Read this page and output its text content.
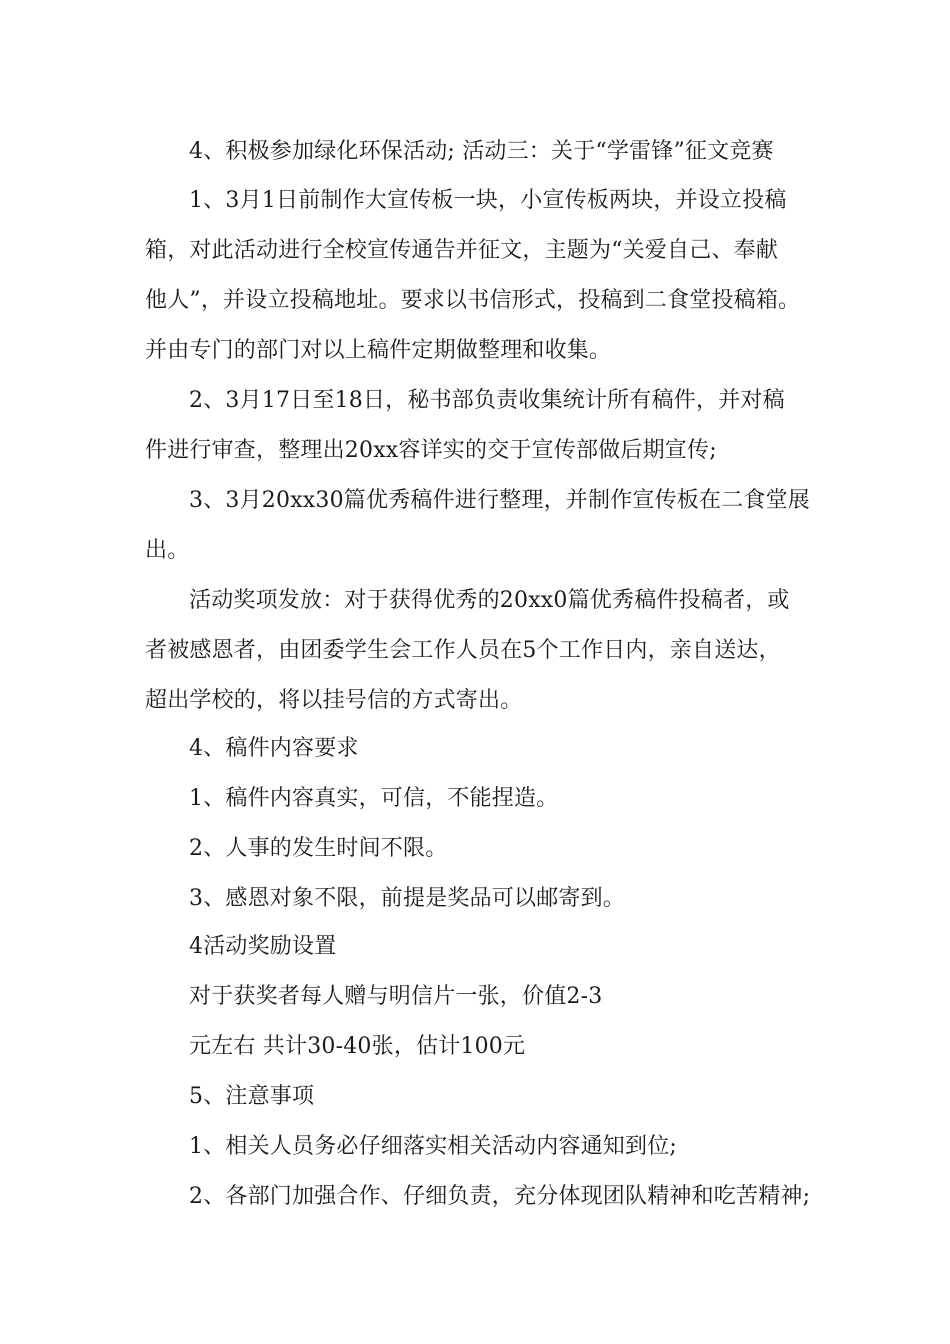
4、积极参加绿化环保活动; 活动三：关于“学雷锋”征文竞赛
1、3月1日前制作大宣传板一块，小宣传板两块，并设立投稿
箱，对此活动进行全校宣传通告并征文，主题为“关爱自己、奉献
他人”，并设立投稿地址。要求以书信形式，投稿到二食堂投稿箱。
并由专门的部门对以上稿件定期做整理和收集。
2、3月17日至18日，秘书部负责收集统计所有稿件，并对稿
件进行审查，整理出20xx容详实的交于宣传部做后期宣传;
3、3月20xx30篇优秀稿件进行整理，并制作宣传板在二食堂展
出。
活动奖项发放：对于获得优秀的20xx0篇优秀稿件投稿者，或
者被感恩者，由团委学生会工作人员在5个工作日内，亲自送达，
超出学校的，将以挂号信的方式寄出。
4、稿件内容要求
1、稿件内容真实，可信，不能捏造。
2、人事的发生时间不限。
3、感恩对象不限，前提是奖品可以邮寄到。
4活动奖励设置
对于获奖者每人赠与明信片一张，价值2-3
元左右 共计30-40张，估计100元
5、注意事项
1、相关人员务必仔细落实相关活动内容通知到位;
2、各部门加强合作、仔细负责，充分体现团队精神和吃苦精神;
